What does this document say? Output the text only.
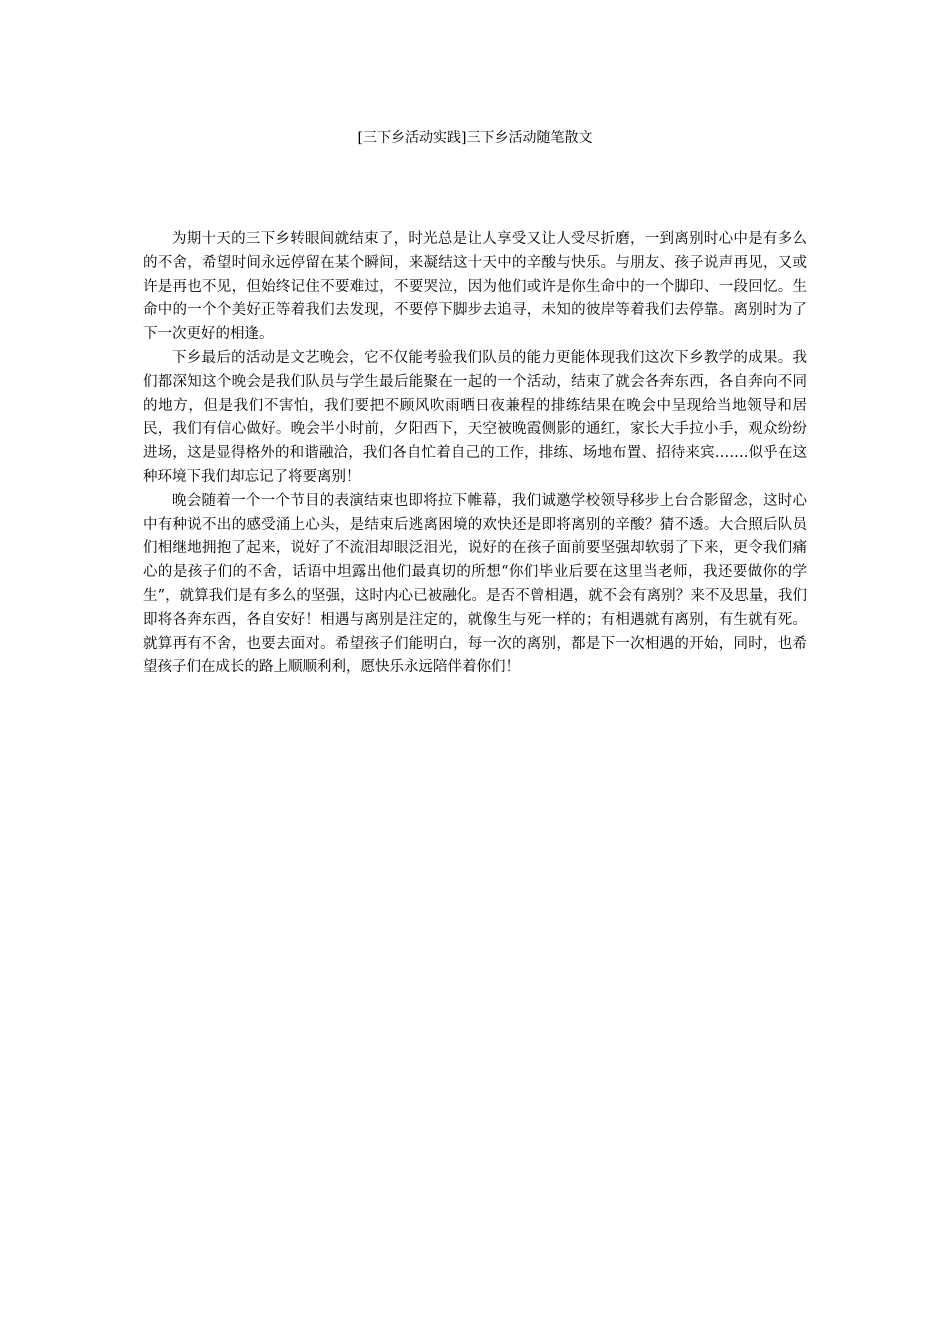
[三下乡活动实践]三下乡活动随笔散文

为期十天的三下乡转眼间就结束了，时光总是让人享受又让人受尽折磨，一到离别时心中是有多么的不舍，希望时间永远停留在某个瞬间，来凝结这十天中的辛酸与快乐。与朋友、孩子说声再见，又或许是再也不见，但始终记住不要难过，不要哭泣，因为他们或许是你生命中的一个脚印、一段回忆。生命中的一个个美好正等着我们去发现，不要停下脚步去追寻，未知的彼岸等着我们去停靠。离别时为了下一次更好的相逢。

下乡最后的活动是文艺晚会，它不仅能考验我们队员的能力更能体现我们这次下乡教学的成果。我们都深知这个晚会是我们队员与学生最后能聚在一起的一个活动，结束了就会各奔东西，各自奔向不同的地方，但是我们不害怕，我们要把不顾风吹雨晒日夜兼程的排练结果在晚会中呈现给当地领导和居民，我们有信心做好。晚会半小时前，夕阳西下，天空被晚霞侧影的通红，家长大手拉小手，观众纷纷进场，这是显得格外的和谐融洽，我们各自忙着自己的工作，排练、场地布置、招待来宾…….似乎在这种环境下我们却忘记了将要离别！

晚会随着一个一个节目的表演结束也即将拉下帷幕，我们诚邀学校领导移步上台合影留念，这时心中有种说不出的感受涌上心头，是结束后逃离困境的欢快还是即将离别的辛酸？猜不透。大合照后队员们相继地拥抱了起来，说好了不流泪却眼泛泪光，说好的在孩子面前要坚强却软弱了下来，更令我们痛心的是孩子们的不舍，话语中坦露出他们最真切的所想“你们毕业后要在这里当老师，我还要做你的学生”，就算我们是有多么的坚强，这时内心已被融化。是否不曾相遇，就不会有离别？来不及思量，我们即将各奔东西，各自安好！相遇与离别是注定的，就像生与死一样的；有相遇就有离别，有生就有死。就算再有不舍，也要去面对。希望孩子们能明白，每一次的离别，都是下一次相遇的开始，同时，也希望孩子们在成长的路上顺顺利利，愿快乐永远陪伴着你们！
